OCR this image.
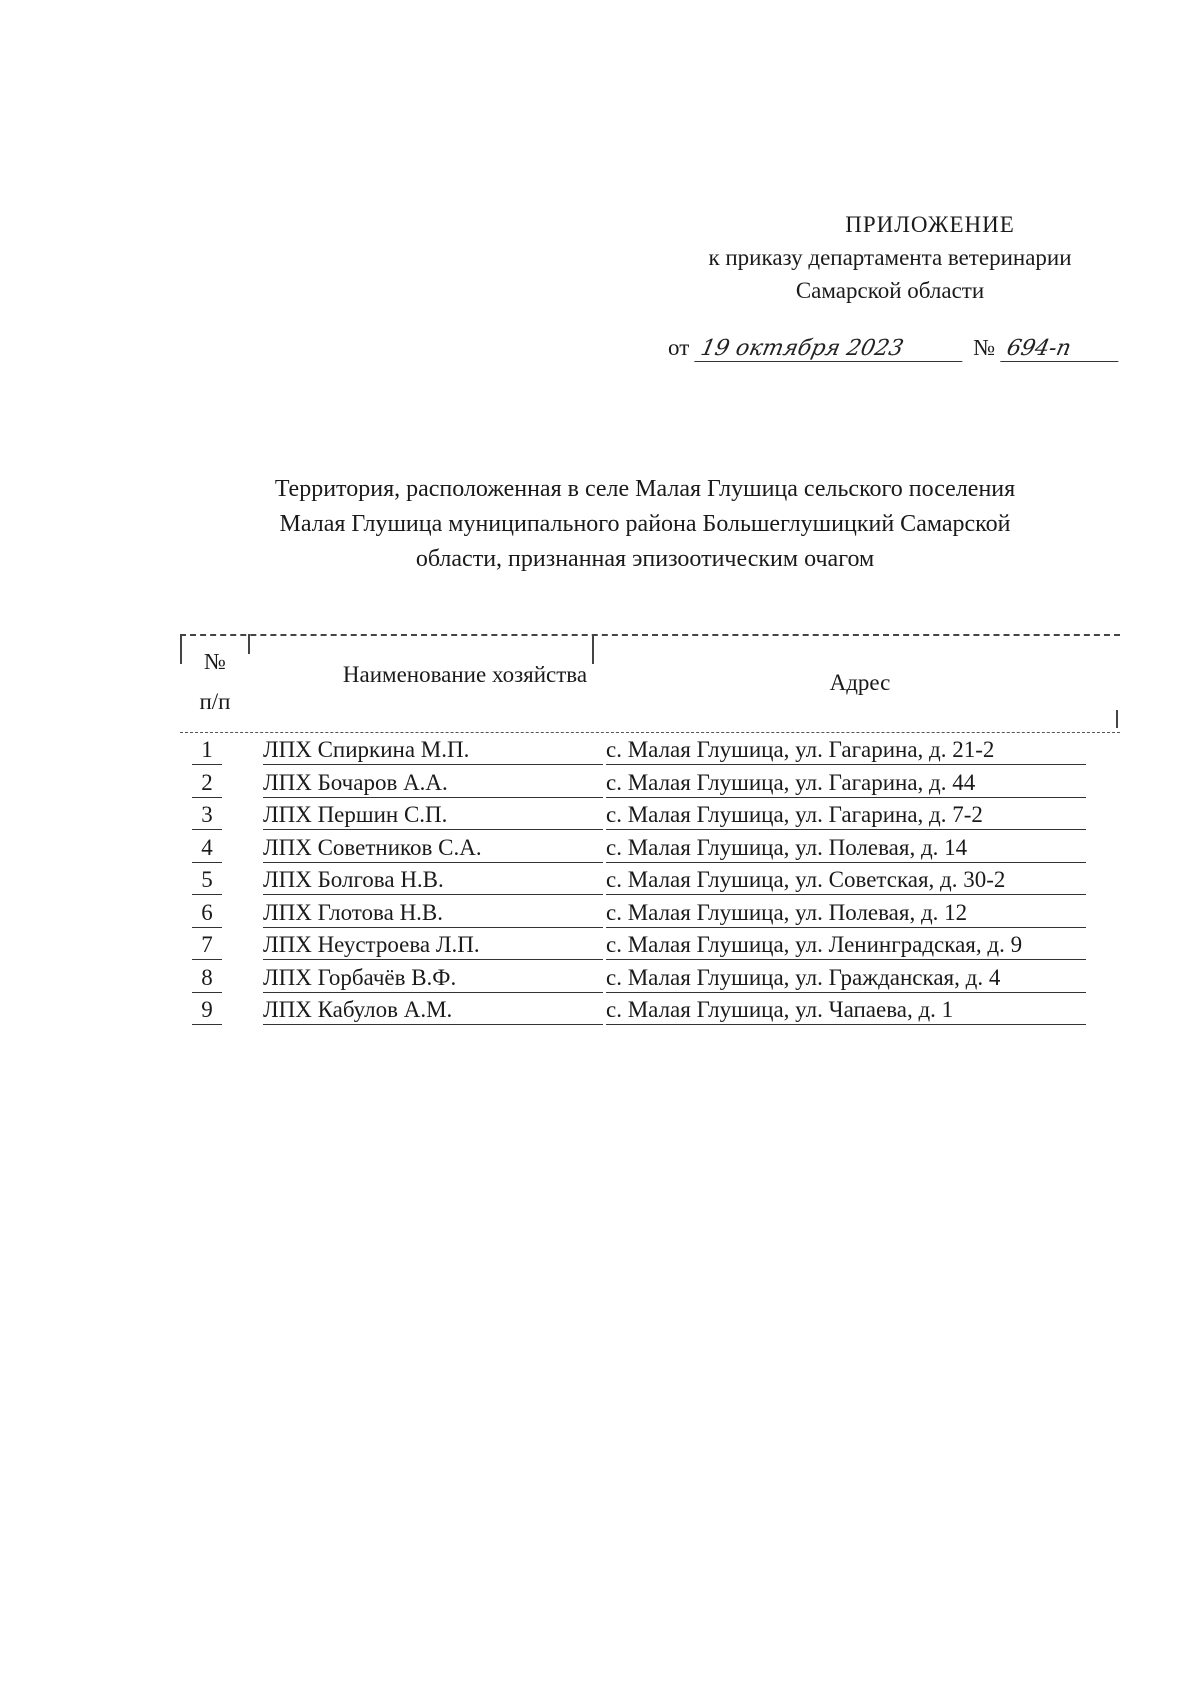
ПРИЛОЖЕНИЕ
к приказу департамента ветеринарии
Самарской области
от 19 октября 2023	№ 694-п
Территория, расположенная в селе Малая Глушица сельского поселения
Малая Глушица муниципального района Большеглушицкий Самарской
области, признанная эпизоотическим очагом
№
п/п
Наименование хозяйства	Адрес
1	ЛПХ Спиркина М.П.	с. Малая Глушица, ул. Гагарина, д. 21-2
2	ЛПХ Бочаров А.А.	с. Малая Глушица, ул. Гагарина, д. 44
3	ЛПХ Першин С.П.	с. Малая Глушица, ул. Гагарина, д. 7-2
4	ЛПХ Советников С.А.	с. Малая Глушица, ул. Полевая, д. 14
5	ЛПХ Болгова Н.В.	с. Малая Глушица, ул. Советская, д. 30-2
6	ЛПХ Глотова Н.В.	с. Малая Глушица, ул. Полевая, д. 12
7	ЛПХ Неустроева Л.П.	с. Малая Глушица, ул. Ленинградская, д. 9
8	ЛПХ Горбачёв В.Ф.	с. Малая Глушица, ул. Гражданская, д. 4
9	ЛПХ Кабулов А.М.	с. Малая Глушица, ул. Чапаева, д. 1
